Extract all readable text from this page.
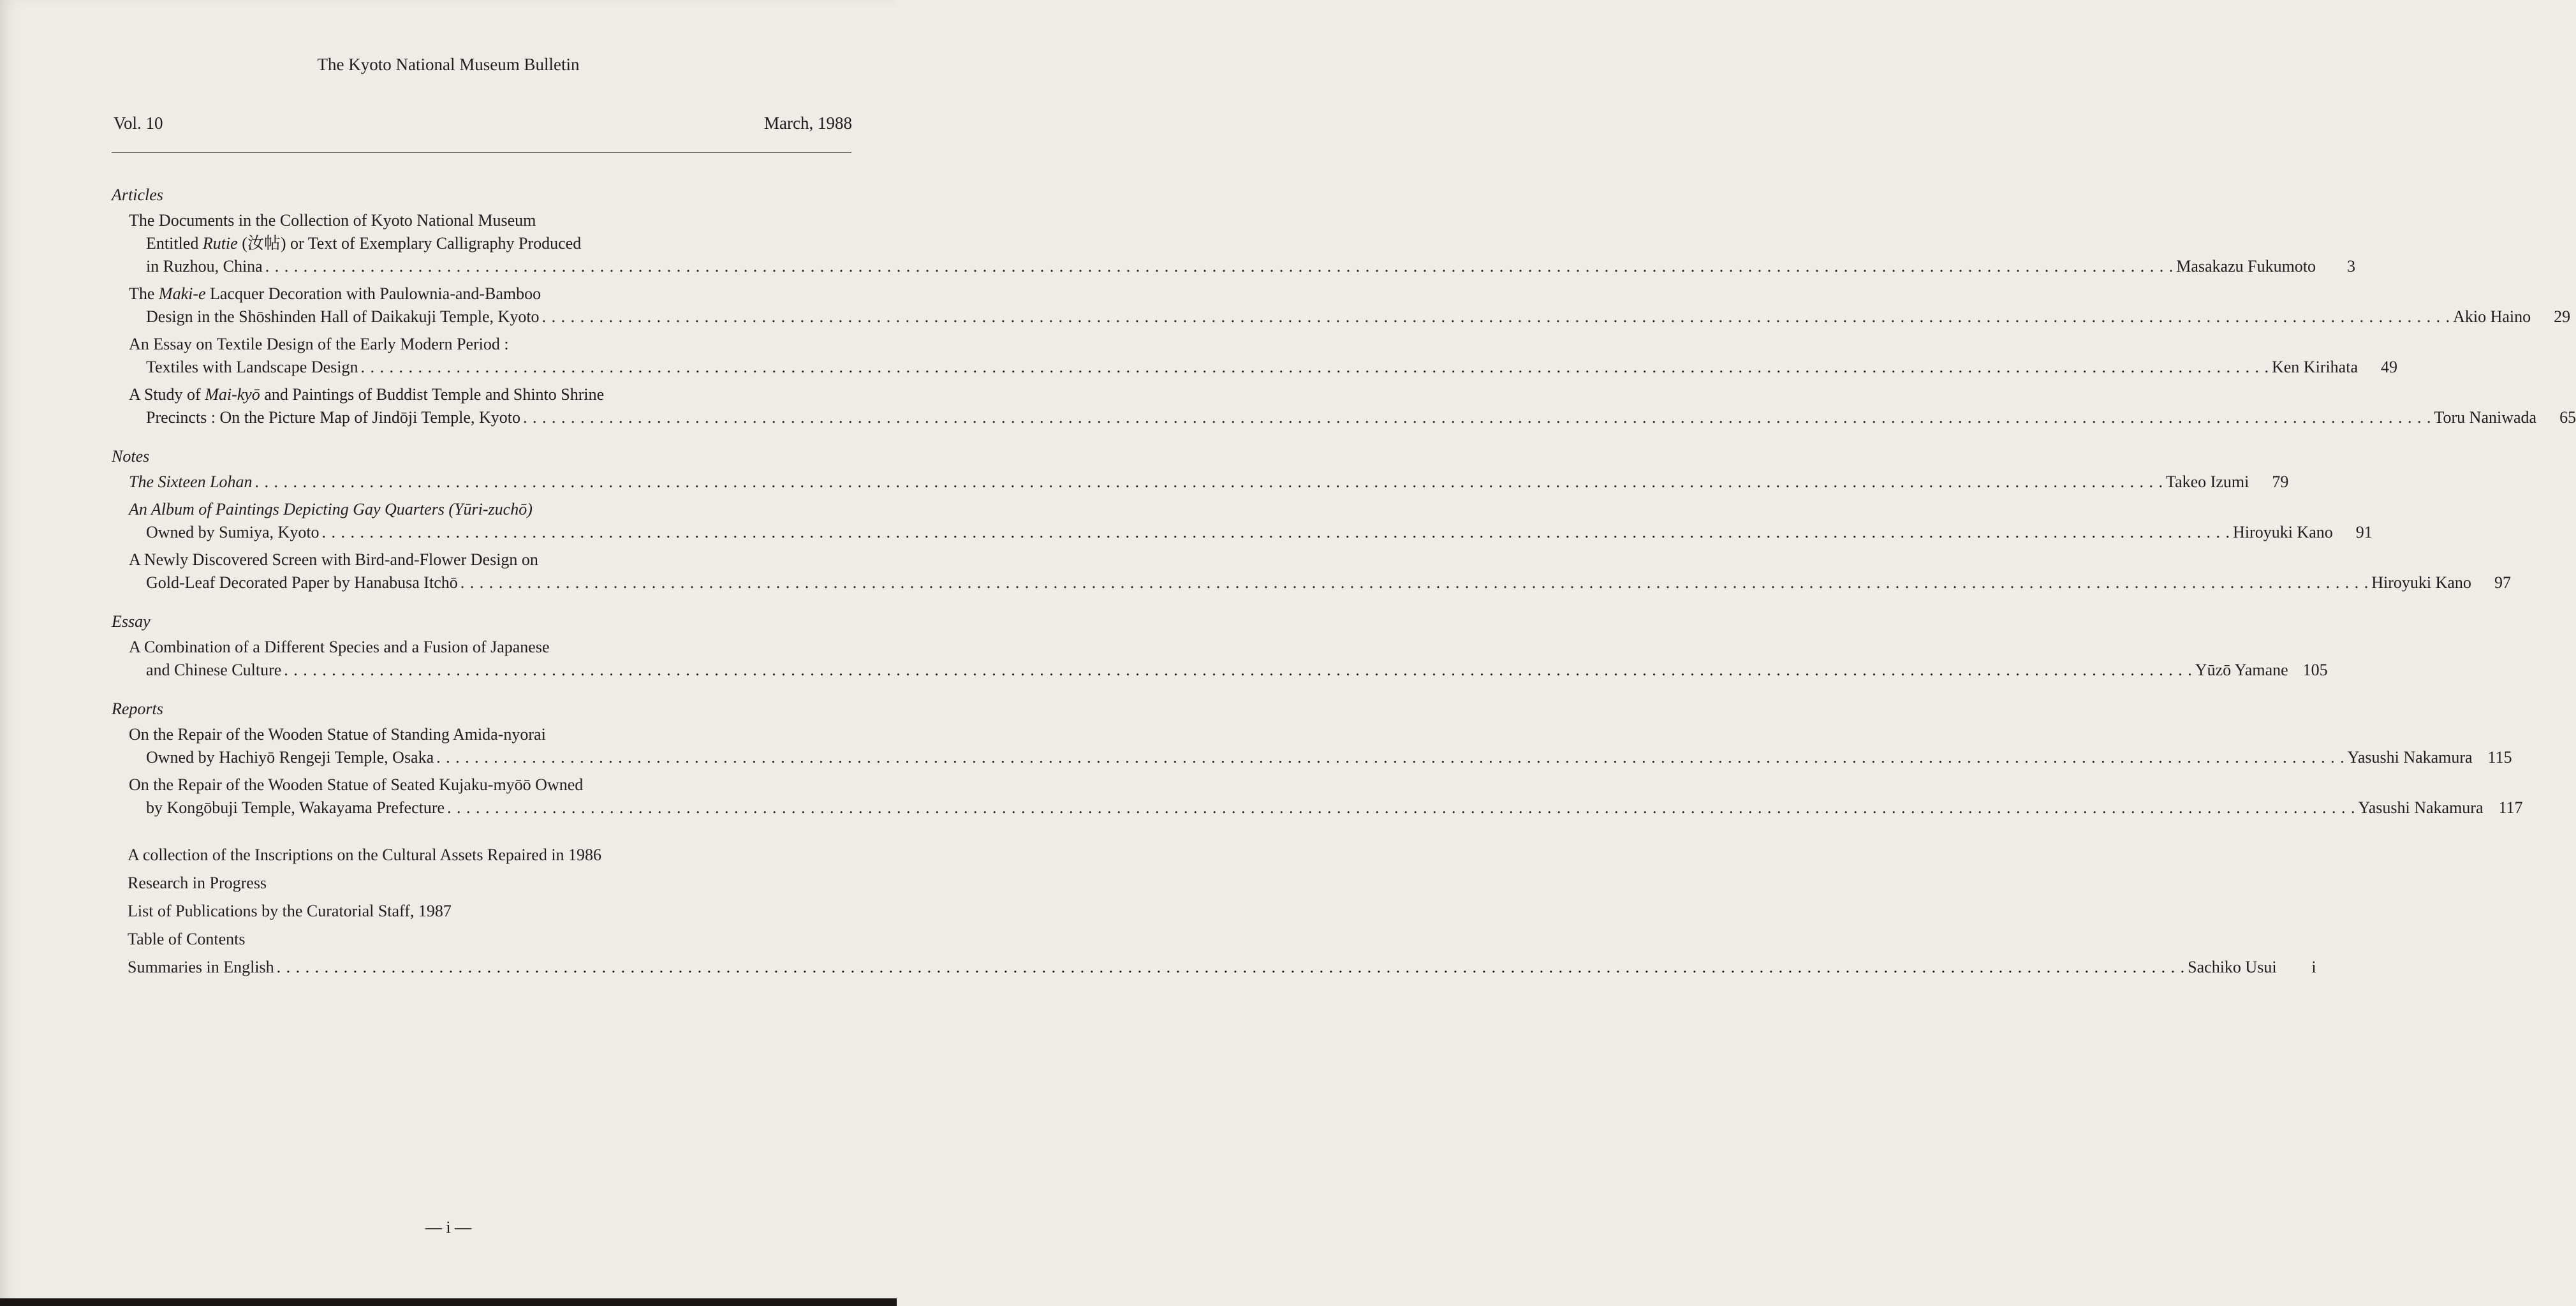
The Kyoto National Museum Bulletin
Vol. 10	March, 1988
Articles
The Documents in the Collection of Kyoto National Museum
Entitled Rutie (汝帖) or Text of Exemplary Calligraphy Produced
in Ruzhou, China . . . . . . . . . . . . . . . . . . . . . . . . . . . . . . . . . . . . . . . . . . . . . . . . . . . . . . . . . . . . . . . . . . . . . . . . . . . . . . . . . . . . . . . . . . . . . . . . . . . . . . . . . . . . . . . . . . . . . . . . . . . . . . . . . . . . . . . . . . . . . . . . . . . . . . . . . . . . . . . . . . . . . . . . . . . . . . . . . . . . . . . . . . . . . . . . . . . . . . . . Masakazu Fukumoto	3
The Maki-e Lacquer Decoration with Paulownia-and-Bamboo
Design in the Shōshinden Hall of Daikakuji Temple, Kyoto . . . . . . . . . . . . . . . . . . . . . . . . . . . . . . . . . . . . . . . . . . . . . . . . . . . . . . . . . . . . . . . . . . . . . . . . . . . . . . . . . . . . . . . . . . . . . . . . . . . . . . . . . . . . . . . . . . . . . . . . . . . . . . . . . . . . . . . . . . . . . . . . . . . . . . . . . . . . . . . . . . . . . . . . . . . . . . . . . . . . . . . . . . . . . . . . . . . . . . . . Akio Haino	29
An Essay on Textile Design of the Early Modern Period :
Textiles with Landscape Design . . . . . . . . . . . . . . . . . . . . . . . . . . . . . . . . . . . . . . . . . . . . . . . . . . . . . . . . . . . . . . . . . . . . . . . . . . . . . . . . . . . . . . . . . . . . . . . . . . . . . . . . . . . . . . . . . . . . . . . . . . . . . . . . . . . . . . . . . . . . . . . . . . . . . . . . . . . . . . . . . . . . . . . . . . . . . . . . . . . . . . . . . . . . . . . . . . . . . . . . Ken Kirihata	49
A Study of Mai-kyō and Paintings of Buddist Temple and Shinto Shrine
Precincts : On the Picture Map of Jindōji Temple, Kyoto . . . . . . . . . . . . . . . . . . . . . . . . . . . . . . . . . . . . . . . . . . . . . . . . . . . . . . . . . . . . . . . . . . . . . . . . . . . . . . . . . . . . . . . . . . . . . . . . . . . . . . . . . . . . . . . . . . . . . . . . . . . . . . . . . . . . . . . . . . . . . . . . . . . . . . . . . . . . . . . . . . . . . . . . . . . . . . . . . . . . . . . . . . . . . . . . . . . . . . . . Toru Naniwada	65
Notes
The Sixteen Lohan . . . . . . . . . . . . . . . . . . . . . . . . . . . . . . . . . . . . . . . . . . . . . . . . . . . . . . . . . . . . . . . . . . . . . . . . . . . . . . . . . . . . . . . . . . . . . . . . . . . . . . . . . . . . . . . . . . . . . . . . . . . . . . . . . . . . . . . . . . . . . . . . . . . . . . . . . . . . . . . . . . . . . . . . . . . . . . . . . . . . . . . . . . . . . . . . . . . . . . . . Takeo Izumi	79
An Album of Paintings Depicting Gay Quarters (Yūri-zuchō)
Owned by Sumiya, Kyoto . . . . . . . . . . . . . . . . . . . . . . . . . . . . . . . . . . . . . . . . . . . . . . . . . . . . . . . . . . . . . . . . . . . . . . . . . . . . . . . . . . . . . . . . . . . . . . . . . . . . . . . . . . . . . . . . . . . . . . . . . . . . . . . . . . . . . . . . . . . . . . . . . . . . . . . . . . . . . . . . . . . . . . . . . . . . . . . . . . . . . . . . . . . . . . . . . . . . . . . . Hiroyuki Kano	91
A Newly Discovered Screen with Bird-and-Flower Design on
Gold-Leaf Decorated Paper by Hanabusa Itchō . . . . . . . . . . . . . . . . . . . . . . . . . . . . . . . . . . . . . . . . . . . . . . . . . . . . . . . . . . . . . . . . . . . . . . . . . . . . . . . . . . . . . . . . . . . . . . . . . . . . . . . . . . . . . . . . . . . . . . . . . . . . . . . . . . . . . . . . . . . . . . . . . . . . . . . . . . . . . . . . . . . . . . . . . . . . . . . . . . . . . . . . . . . . . . . . . . . . . . . . Hiroyuki Kano	97
Essay
A Combination of a Different Species and a Fusion of Japanese
and Chinese Culture . . . . . . . . . . . . . . . . . . . . . . . . . . . . . . . . . . . . . . . . . . . . . . . . . . . . . . . . . . . . . . . . . . . . . . . . . . . . . . . . . . . . . . . . . . . . . . . . . . . . . . . . . . . . . . . . . . . . . . . . . . . . . . . . . . . . . . . . . . . . . . . . . . . . . . . . . . . . . . . . . . . . . . . . . . . . . . . . . . . . . . . . . . . . . . . . . . . . . . . . Yūzō Yamane 105
Reports
On the Repair of the Wooden Statue of Standing Amida-nyorai
Owned by Hachiyō Rengeji Temple, Osaka . . . . . . . . . . . . . . . . . . . . . . . . . . . . . . . . . . . . . . . . . . . . . . . . . . . . . . . . . . . . . . . . . . . . . . . . . . . . . . . . . . . . . . . . . . . . . . . . . . . . . . . . . . . . . . . . . . . . . . . . . . . . . . . . . . . . . . . . . . . . . . . . . . . . . . . . . . . . . . . . . . . . . . . . . . . . . . . . . . . . . . . . . . . . . . . . . . . . . . . . Yasushi Nakamura 115
On the Repair of the Wooden Statue of Seated Kujaku-myōō Owned
by Kongōbuji Temple, Wakayama Prefecture . . . . . . . . . . . . . . . . . . . . . . . . . . . . . . . . . . . . . . . . . . . . . . . . . . . . . . . . . . . . . . . . . . . . . . . . . . . . . . . . . . . . . . . . . . . . . . . . . . . . . . . . . . . . . . . . . . . . . . . . . . . . . . . . . . . . . . . . . . . . . . . . . . . . . . . . . . . . . . . . . . . . . . . . . . . . . . . . . . . . . . . . . . . . . . . . . . . . . . . . Yasushi Nakamura 117
A collection of the Inscriptions on the Cultural Assets Repaired in 1986
Research in Progress
List of Publications by the Curatorial Staff, 1987
Table of Contents
Summaries in English . . . . . . . . . . . . . . . . . . . . . . . . . . . . . . . . . . . . . . . . . . . . . . . . . . . . . . . . . . . . . . . . . . . . . . . . . . . . . . . . . . . . . . . . . . . . . . . . . . . . . . . . . . . . . . . . . . . . . . . . . . . . . . . . . . . . . . . . . . . . . . . . . . . . . . . . . . . . . . . . . . . . . . . . . . . . . . . . . . . . . . . . . . . . . . . . . . . . . . . . Sachiko Usui	i
— i —
